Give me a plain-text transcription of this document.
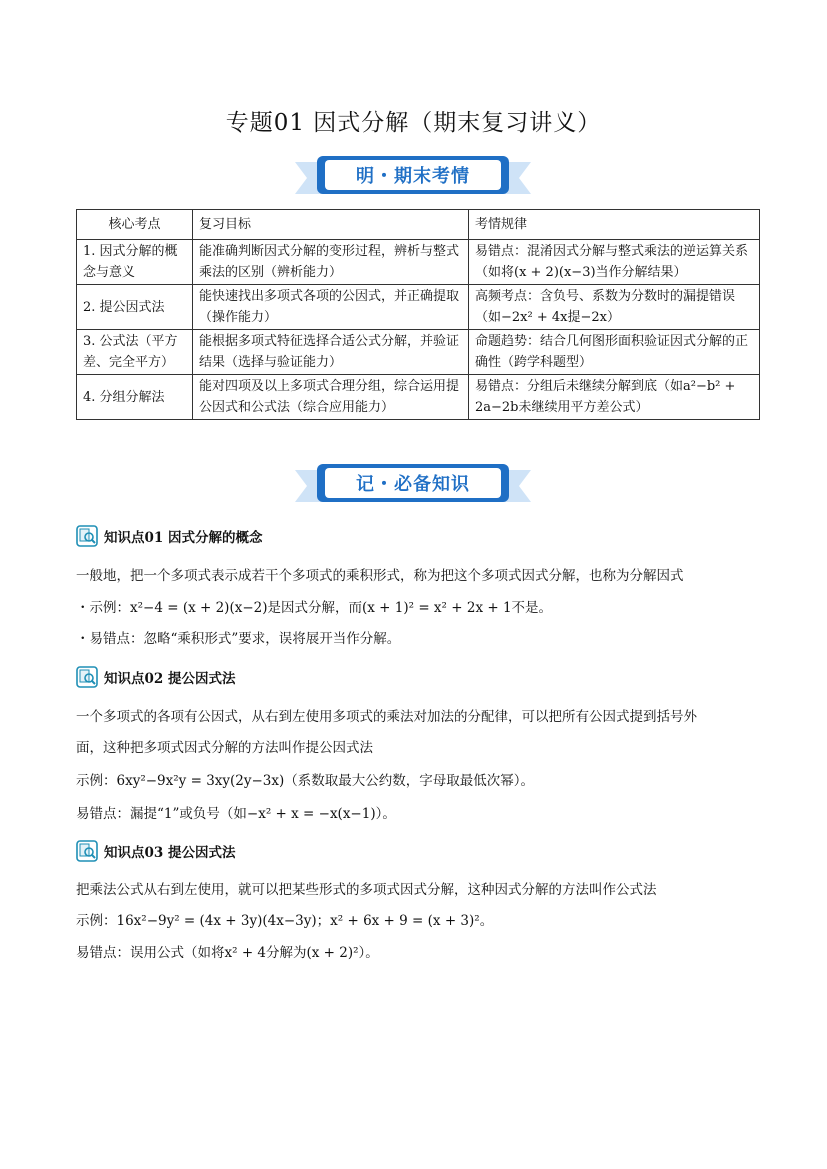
专题01 因式分解（期末复习讲义）
明・期末考情
核心考点	复习目标	考情规律
1. 因式分解的概念与意义	能准确判断因式分解的变形过程，辨析与整式乘法的区别（辨析能力）	易错点：混淆因式分解与整式乘法的逆运算关系（如将(x + 2)(x−3)当作分解结果）
2. 提公因式法	能快速找出多项式各项的公因式，并正确提取（操作能力）	高频考点：含负号、系数为分数时的漏提错误（如−2x² + 4x提−2x）
3. 公式法（平方差、完全平方）	能根据多项式特征选择合适公式分解，并验证结果（选择与验证能力）	命题趋势：结合几何图形面积验证因式分解的正确性（跨学科题型）
4. 分组分解法	能对四项及以上多项式合理分组，综合运用提公因式和公式法（综合应用能力）	易错点：分组后未继续分解到底（如a²−b² + 2a−2b未继续用平方差公式）
记・必备知识
知识点01 因式分解的概念
一般地，把一个多项式表示成若干个多项式的乘积形式，称为把这个多项式因式分解，也称为分解因式
・示例：x²−4 = (x + 2)(x−2)是因式分解，而(x + 1)² = x² + 2x + 1不是。
・易错点：忽略“乘积形式”要求，误将展开当作分解。
知识点02 提公因式法
一个多项式的各项有公因式，从右到左使用多项式的乘法对加法的分配律，可以把所有公因式提到括号外
面，这种把多项式因式分解的方法叫作提公因式法
示例：6xy²−9x²y = 3xy(2y−3x)（系数取最大公约数，字母取最低次幂）。
易错点：漏提“1”或负号（如−x² + x = −x(x−1)）。
知识点03 提公因式法
把乘法公式从右到左使用，就可以把某些形式的多项式因式分解，这种因式分解的方法叫作公式法
示例：16x²−9y² = (4x + 3y)(4x−3y)；x² + 6x + 9 = (x + 3)²。
易错点：误用公式（如将x² + 4分解为(x + 2)²）。
